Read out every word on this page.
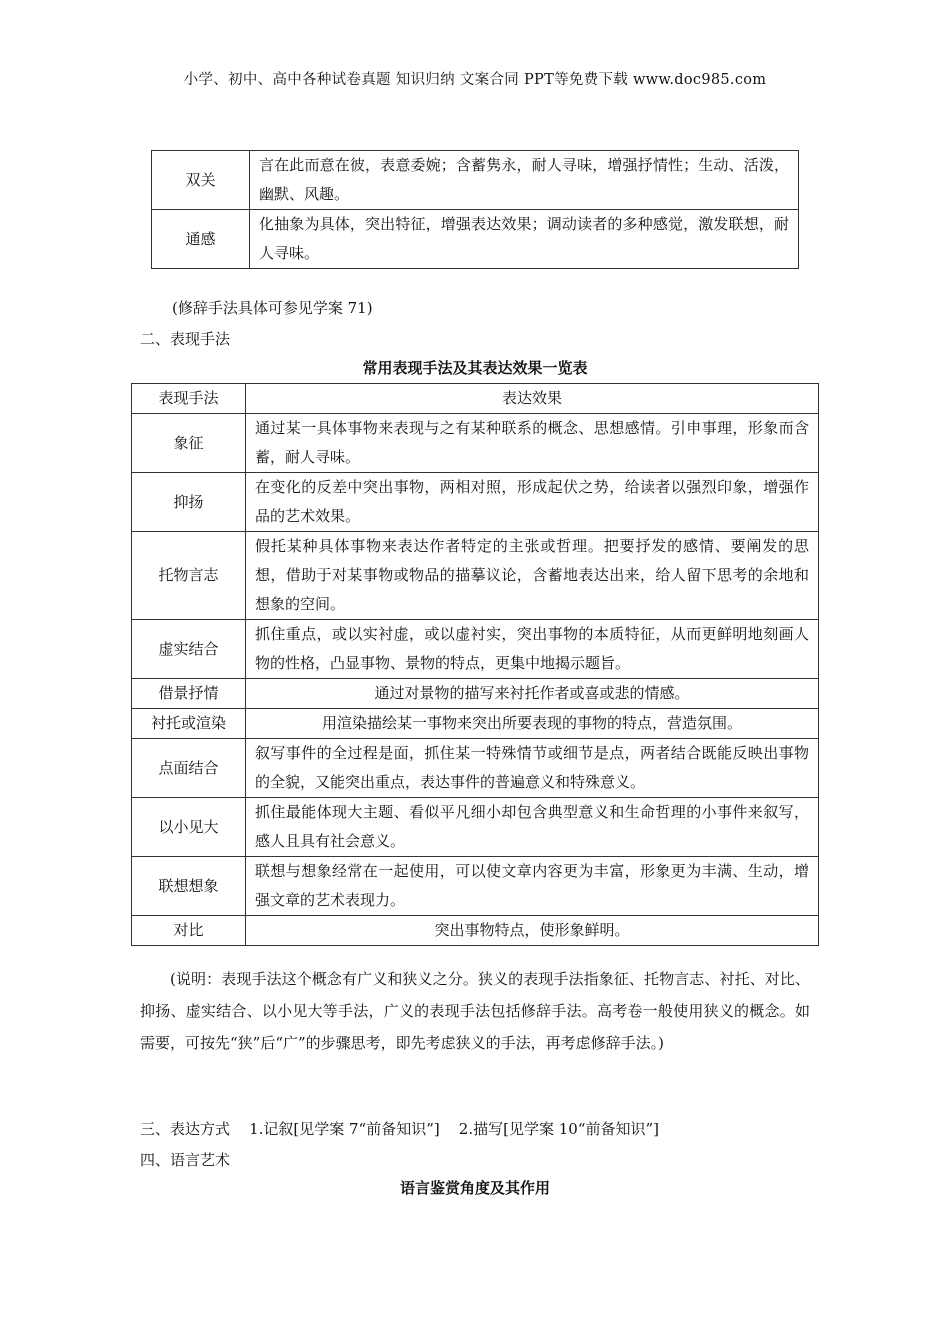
小学、初中、高中各种试卷真题 知识归纳 文案合同 PPT等免费下载 www.doc985.com
双关	言在此而意在彼，表意委婉；含蓄隽永，耐人寻味，增强抒情性；生动、活泼，幽默、风趣。
通感	化抽象为具体，突出特征，增强表达效果；调动读者的多种感觉，激发联想，耐人寻味。
(修辞手法具体可参见学案 71)
二、表现手法
常用表现手法及其表达效果一览表
表现手法	表达效果
象征	通过某一具体事物来表现与之有某种联系的概念、思想感情。引申事理，形象而含蓄，耐人寻味。
抑扬	在变化的反差中突出事物，两相对照，形成起伏之势，给读者以强烈印象，增强作品的艺术效果。
托物言志	假托某种具体事物来表达作者特定的主张或哲理。把要抒发的感情、要阐发的思想，借助于对某事物或物品的描摹议论，含蓄地表达出来，给人留下思考的余地和想象的空间。
虚实结合	抓住重点，或以实衬虚，或以虚衬实，突出事物的本质特征，从而更鲜明地刻画人物的性格，凸显事物、景物的特点，更集中地揭示题旨。
借景抒情	通过对景物的描写来衬托作者或喜或悲的情感。
衬托或渲染	用渲染描绘某一事物来突出所要表现的事物的特点，营造氛围。
点面结合	叙写事件的全过程是面，抓住某一特殊情节或细节是点，两者结合既能反映出事物的全貌，又能突出重点，表达事件的普遍意义和特殊意义。
以小见大	抓住最能体现大主题、看似平凡细小却包含典型意义和生命哲理的小事件来叙写，感人且具有社会意义。
联想想象	联想与想象经常在一起使用，可以使文章内容更为丰富，形象更为丰满、生动，增强文章的艺术表现力。
对比	突出事物特点，使形象鲜明。
(说明：表现手法这个概念有广义和狭义之分。狭义的表现手法指象征、托物言志、衬托、对比、抑扬、虚实结合、以小见大等手法，广义的表现手法包括修辞手法。高考卷一般使用狭义的概念。如需要，可按先“狭”后“广”的步骤思考，即先考虑狭义的手法，再考虑修辞手法。)
三、表达方式    1.记叙[见学案 7“前备知识”]    2.描写[见学案 10“前备知识”]
四、语言艺术
语言鉴赏角度及其作用
